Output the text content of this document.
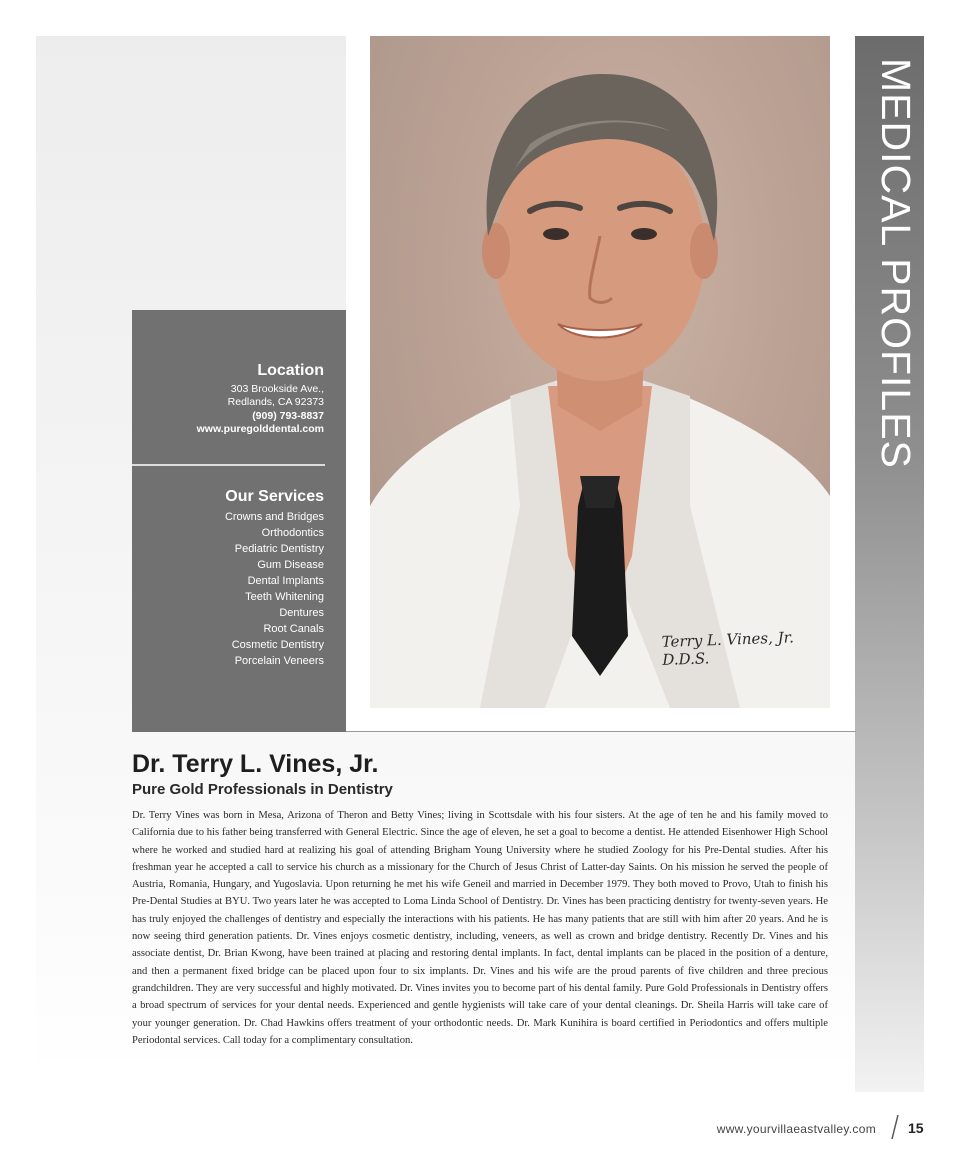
MEDICAL PROFILES
Terry L. Vines, Jr. D.D.S.
Location
303 Brookside Ave.,
Redlands, CA 92373
(909) 793-8837
www.puregolddental.com
Our Services
Crowns and Bridges
Orthodontics
Pediatric Dentistry
Gum Disease
Dental Implants
Teeth Whitening
Dentures
Root Canals
Cosmetic Dentistry
Porcelain Veneers
Dr. Terry L. Vines, Jr.
Pure Gold Professionals in Dentistry

Dr. Terry Vines was born in Mesa, Arizona of Theron and Betty Vines; living in Scottsdale with his four sisters. At the age of ten he and his family moved to California due to his father being transferred with General Electric. Since the age of eleven, he set a goal to become a dentist. He attended Eisenhower High School where he worked and studied hard at realizing his goal of attending Brigham Young University where he studied Zoology for his Pre-Dental studies. After his freshman year he accepted a call to service his church as a missionary for the Church of Jesus Christ of Latter-day Saints. On his mission he served the people of Austria, Romania, Hungary, and Yugoslavia. Upon returning he met his wife Geneil and married in December 1979. They both moved to Provo, Utah to finish his Pre-Dental Studies at BYU. Two years later he was accepted to Loma Linda School of Dentistry. Dr. Vines has been practicing dentistry for twenty-seven years. He has truly enjoyed the challenges of dentistry and especially the interactions with his patients. He has many patients that are still with him after 20 years. And he is now seeing third generation patients. Dr. Vines enjoys cosmetic dentistry, including, veneers, as well as crown and bridge dentistry. Recently Dr. Vines and his associate dentist, Dr. Brian Kwong, have been trained at placing and restoring dental implants. In fact, dental implants can be placed in the position of a denture, and then a permanent fixed bridge can be placed upon four to six implants. Dr. Vines and his wife are the proud parents of five children and three precious grandchildren. They are very successful and highly motivated. Dr. Vines invites you to become part of his dental family. Pure Gold Professionals in Dentistry offers a broad spectrum of services for your dental needs. Experienced and gentle hygienists will take care of your dental cleanings. Dr. Sheila Harris will take care of your younger generation. Dr. Chad Hawkins offers treatment of your orthodontic needs. Dr. Mark Kunihira is board certified in Periodontics and offers multiple Periodontal services. Call today for a complimentary consultation.

www.yourvillaeastvalley.com 15
